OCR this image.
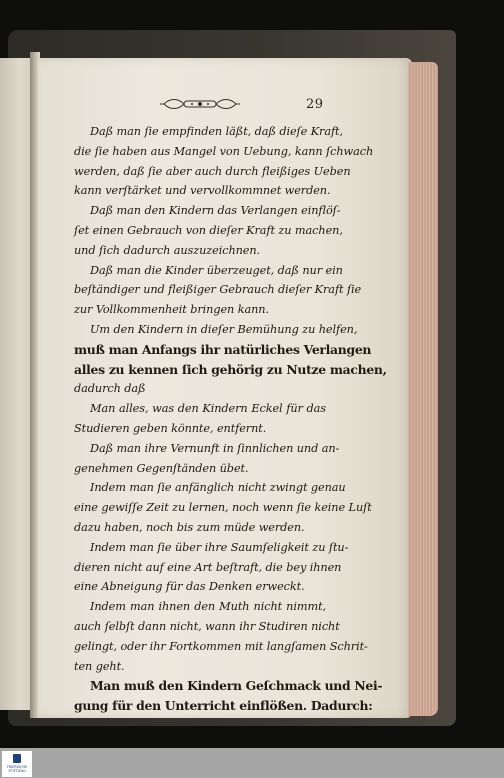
29
Daß man ſie empfinden läßt, daß dieſe Kraft,
die ſie haben aus Mangel von Uebung, kann ſchwach
werden, daß ſie aber auch durch fleißiges Ueben
kann verſtärket und vervollkommnet werden.
Daß man den Kindern das Verlangen einflöſ-
ſet einen Gebrauch von dieſer Kraft zu machen,
und ſich dadurch auszuzeichnen.
Daß man die Kinder überzeuget, daß nur ein
beſtändiger und fleißiger Gebrauch dieſer Kraft ſie
zur Vollkommenheit bringen kann.
Um den Kindern in dieſer Bemühung zu helfen,
muß man Anfangs ihr natürliches Verlangen
alles zu kennen ſich gehörig zu Nutze machen,
dadurch daß
Man alles, was den Kindern Eckel für das
Studieren geben könnte, entfernt.
Daß man ihre Vernunft in ſinnlichen und an-
genehmen Gegenſtänden übet.
Indem man ſie anfänglich nicht zwingt genau
eine gewiſſe Zeit zu lernen, noch wenn ſie keine Luſt
dazu haben, noch bis zum müde werden.
Indem man ſie über ihre Saumſeligkeit zu ſtu-
dieren nicht auf eine Art beſtraft, die bey ihnen
eine Abneigung für das Denken erweckt.
Indem man ihnen den Muth nicht nimmt,
auch ſelbſt dann nicht, wann ihr Studiren nicht
gelingt, oder ihr Fortkommen mit langſamen Schrit-
ten geht.
Man muß den Kindern Geſchmack und Nei-
gung für den Unterricht einflößen. Dadurch:
TRIERISCHE
STIFTUNG
